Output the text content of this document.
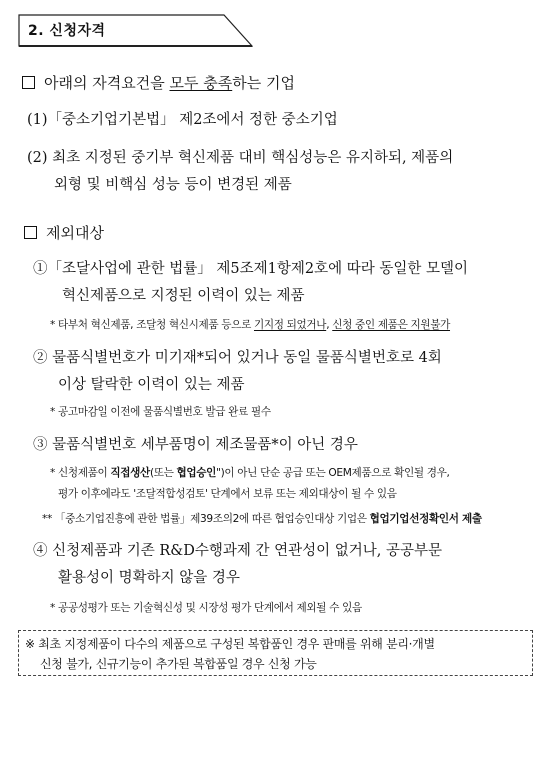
2. 신청자격
아래의 자격요건을 모두 충족하는 기업
(1)「중소기업기본법」 제2조에서 정한 중소기업
(2) 최초 지정된 중기부 혁신제품 대비 핵심성능은 유지하되, 제품의
외형 및 비핵심 성능 등이 변경된 제품
제외대상
①「조달사업에 관한 법률」 제5조제1항제2호에 따라 동일한 모델이
혁신제품으로 지정된 이력이 있는 제품
* 타부처 혁신제품, 조달청 혁신시제품 등으로 기지정 되었거나, 신청 중인 제품은 지원불가
② 물품식별번호가 미기재*되어 있거나 동일 물품식별번호로 4회
이상 탈락한 이력이 있는 제품
* 공고마감일 이전에 물품식별번호 발급 완료 필수
③ 물품식별번호 세부품명이 제조물품*이 아닌 경우
* 신청제품이 직접생산(또는 협업승인")이 아닌 단순 공급 또는 OEM제품으로 확인될 경우,
평가 이후에라도 '조달적합성검토' 단계에서 보류 또는 제외대상이 될 수 있음
** 「중소기업진흥에 관한 법률」제39조의2에 따른 협업승인대상 기업은 협업기업선정확인서 제출
④ 신청제품과 기존 R&D수행과제 간 연관성이 없거나, 공공부문
활용성이 명확하지 않을 경우
* 공공성평가 또는 기술혁신성 및 시장성 평가 단계에서 제외될 수 있음
※ 최초 지정제품이 다수의 제품으로 구성된 복합품인 경우 판매를 위해 분리·개별
신청 불가, 신규기능이 추가된 복합품일 경우 신청 가능
